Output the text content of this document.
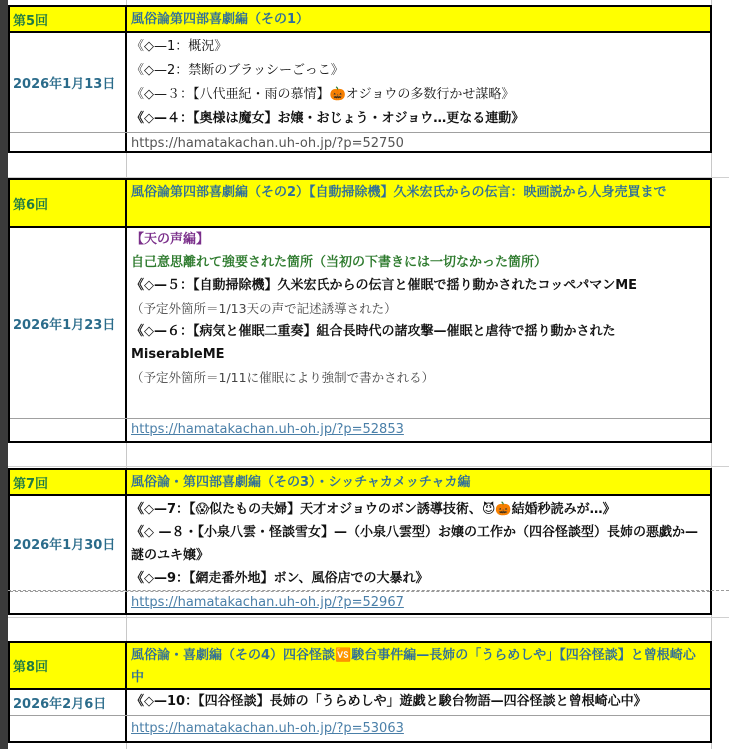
第5回	風俗論第四部喜劇編（その1）
2026年1月13日
《◇—1：概況》
《◇—2：禁断のブラッシーごっこ》
《◇—３：【八代亜紀・雨の慕情】🎃オジョウの多数行かせ謀略》
《◇—４：【奥様は魔女】お嬢・おじょう・オジョウ…更なる連動》
https://hamatakachan.uh-oh.jp/?p=52750
第6回
風俗論第四部喜劇編（その2）【自動掃除機】久米宏氏からの伝言：映画説から人身売買まで
2026年1月23日
【天の声編】
自己意思離れて強要された箇所（当初の下書きには一切なかった箇所）
《◇—５：【自動掃除機】久米宏氏からの伝言と催眠で揺り動かされたコッペパマンME
（予定外箇所＝1/13天の声で記述誘導された）
《◇—６：【病気と催眠二重奏】組合長時代の諸攻撃—催眠と虐待で揺り動かされたMiserableME
（予定外箇所＝1/11に催眠により強制で書かされる）
https://hamatakachan.uh-oh.jp/?p=52853
第7回	風俗論・第四部喜劇編（その3）・シッチャカメッチャカ編
2026年1月30日
《◇—7：【😱似たもの夫婦】天才オジョウのボン誘導技術、😈🎃結婚秒読みが…》
《◇ —８・【小泉八雲・怪談雪女】—（小泉八雲型）お嬢の工作か（四谷怪談型）長姉の悪戯か—謎のユキ嬢》
《◇—9：【網走番外地】ボン、風俗店での大暴れ》
https://hamatakachan.uh-oh.jp/?p=52967
第8回
風俗論・喜劇編（その4）四谷怪談🆚駿台事件編—長姉の「うらめしや」【四谷怪談】と曾根崎心中
2026年2月6日 《◇—10：【四谷怪談】長姉の「うらめしや」遊戯と駿台物語—四谷怪談と曾根崎心中》
https://hamatakachan.uh-oh.jp/?p=53063
